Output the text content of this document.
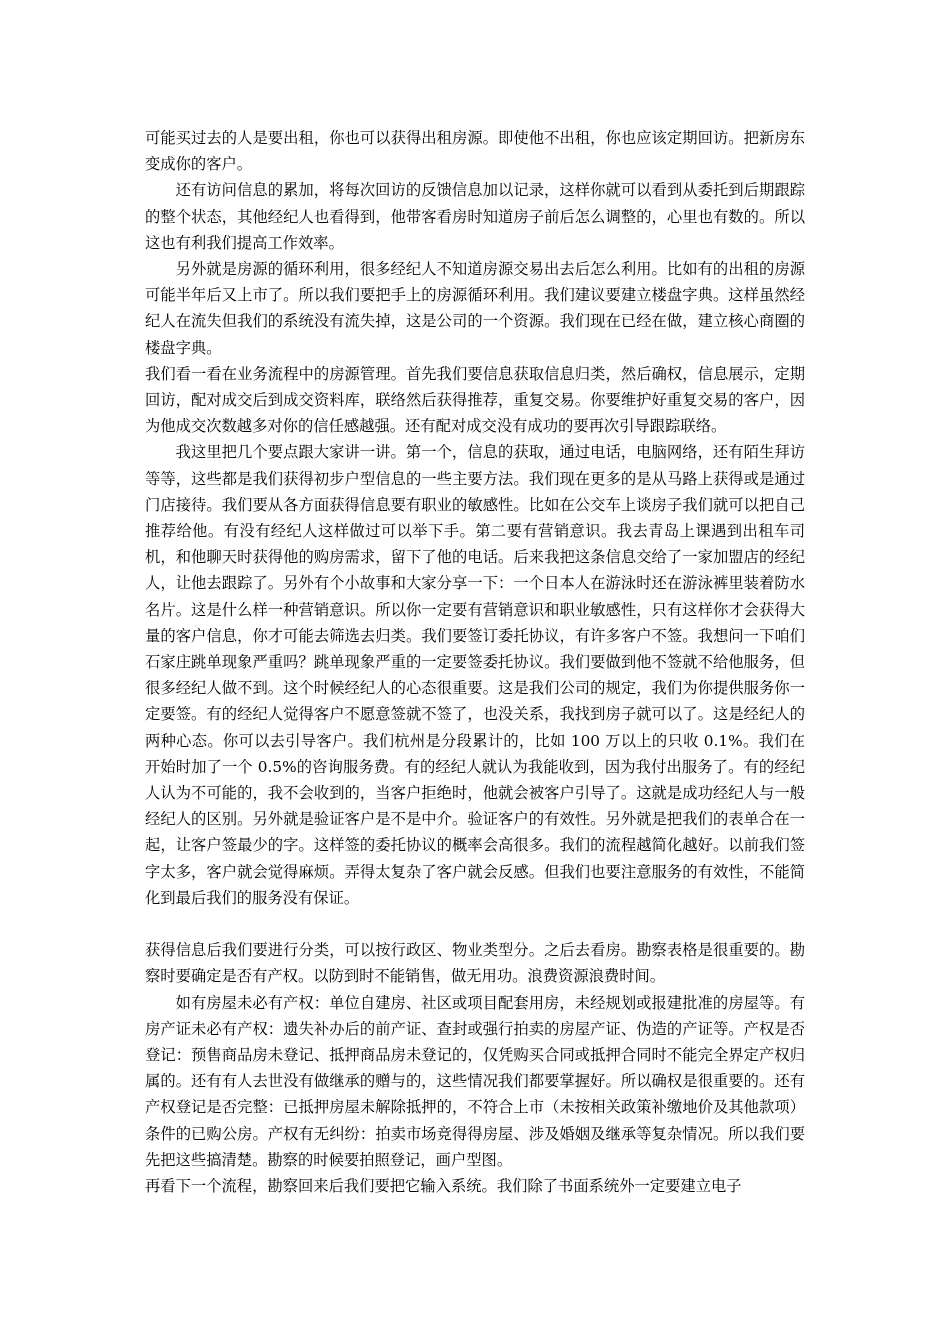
可能买过去的人是要出租，你也可以获得出租房源。即使他不出租，你也应该定期回访。把新房东变成你的客户。

还有访问信息的累加，将每次回访的反馈信息加以记录，这样你就可以看到从委托到后期跟踪的整个状态，其他经纪人也看得到，他带客看房时知道房子前后怎么调整的，心里也有数的。所以这也有利我们提高工作效率。

另外就是房源的循环利用，很多经纪人不知道房源交易出去后怎么利用。比如有的出租的房源可能半年后又上市了。所以我们要把手上的房源循环利用。我们建议要建立楼盘字典。这样虽然经纪人在流失但我们的系统没有流失掉，这是公司的一个资源。我们现在已经在做，建立核心商圈的楼盘字典。

我们看一看在业务流程中的房源管理。首先我们要信息获取信息归类，然后确权，信息展示，定期回访，配对成交后到成交资料库，联络然后获得推荐，重复交易。你要维护好重复交易的客户，因为他成交次数越多对你的信任感越强。还有配对成交没有成功的要再次引导跟踪联络。

我这里把几个要点跟大家讲一讲。第一个，信息的获取，通过电话，电脑网络，还有陌生拜访等等，这些都是我们获得初步户型信息的一些主要方法。我们现在更多的是从马路上获得或是通过门店接待。我们要从各方面获得信息要有职业的敏感性。比如在公交车上谈房子我们就可以把自己推荐给他。有没有经纪人这样做过可以举下手。第二要有营销意识。我去青岛上课遇到出租车司机，和他聊天时获得他的购房需求，留下了他的电话。后来我把这条信息交给了一家加盟店的经纪人，让他去跟踪了。另外有个小故事和大家分享一下：一个日本人在游泳时还在游泳裤里装着防水名片。这是什么样一种营销意识。所以你一定要有营销意识和职业敏感性，只有这样你才会获得大量的客户信息，你才可能去筛选去归类。我们要签订委托协议，有许多客户不签。我想问一下咱们石家庄跳单现象严重吗？跳单现象严重的一定要签委托协议。我们要做到他不签就不给他服务，但很多经纪人做不到。这个时候经纪人的心态很重要。这是我们公司的规定，我们为你提供服务你一定要签。有的经纪人觉得客户不愿意签就不签了，也没关系，我找到房子就可以了。这是经纪人的两种心态。你可以去引导客户。我们杭州是分段累计的，比如 100 万以上的只收 0.1%。我们在开始时加了一个 0.5%的咨询服务费。有的经纪人就认为我能收到，因为我付出服务了。有的经纪人认为不可能的，我不会收到的，当客户拒绝时，他就会被客户引导了。这就是成功经纪人与一般经纪人的区别。另外就是验证客户是不是中介。验证客户的有效性。另外就是把我们的表单合在一起，让客户签最少的字。这样签的委托协议的概率会高很多。我们的流程越简化越好。以前我们签字太多，客户就会觉得麻烦。弄得太复杂了客户就会反感。但我们也要注意服务的有效性，不能简化到最后我们的服务没有保证。

获得信息后我们要进行分类，可以按行政区、物业类型分。之后去看房。勘察表格是很重要的。勘察时要确定是否有产权。以防到时不能销售，做无用功。浪费资源浪费时间。

如有房屋未必有产权：单位自建房、社区或项目配套用房，未经规划或报建批准的房屋等。有房产证未必有产权：遗失补办后的前产证、查封或强行拍卖的房屋产证、伪造的产证等。产权是否登记：预售商品房未登记、抵押商品房未登记的，仅凭购买合同或抵押合同时不能完全界定产权归属的。还有有人去世没有做继承的赠与的，这些情况我们都要掌握好。所以确权是很重要的。还有产权登记是否完整：已抵押房屋未解除抵押的，不符合上市（未按相关政策补缴地价及其他款项）条件的已购公房。产权有无纠纷：拍卖市场竞得得房屋、涉及婚姻及继承等复杂情况。所以我们要先把这些搞清楚。勘察的时候要拍照登记，画户型图。

再看下一个流程，勘察回来后我们要把它输入系统。我们除了书面系统外一定要建立电子
